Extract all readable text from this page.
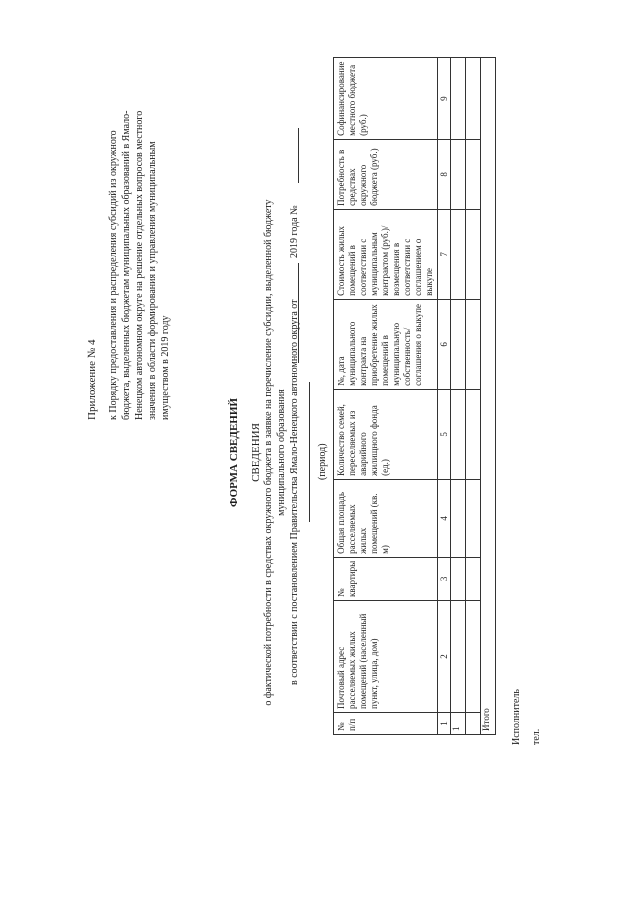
Приложение № 4 к Порядку предоставления и распределения субсидий из окружного бюджета, выделенных бюджетам муниципальных образований в Ямало-Ненецком автономном округе на решение отдельных вопросов местного значения в области формирования и управления муниципальным имуществом в 2019 году
ФОРМА СВЕДЕНИЙ СВЕДЕНИЯ о фактической потребности в средствах окружного бюджета в заявке на перечисление субсидии, выделенной бюджету муниципального образования в соответствии с постановлением Правительства Ямало-Ненецкого автономного округа от
2019 года №
(период)
№ п/п	Почтовый адрес расселяемых жилых помещений (населенный пункт, улица, дом)	№ квартиры	Общая площадь расселяемых жилых помещений (кв. м)	Количество семей, переселяемых из аварийного жилищного фонда (ед.)	№, дата муниципального контракта на приобретение жилых помещений в муниципальную собственность/ соглашения о выкупе	Стоимость жилых помещений в соответствии с муниципальным контрактом (руб.)/ возмещения в соответствии с соглашением о выкупе	Потребность в средствах окружного бюджета (руб.)	Софинансирование местного бюджета (руб.)
1	2	3	4	5	6	7	8	9
1								

Итого								Исполнитель тел.
